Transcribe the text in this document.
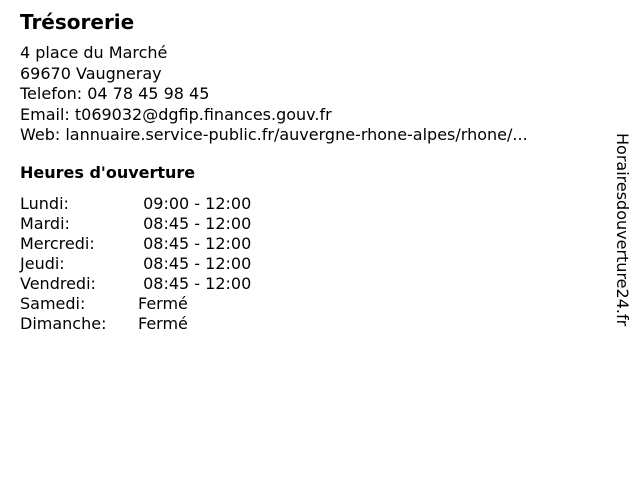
Trésorerie
4 place du Marché
69670 Vaugneray
Telefon: 04 78 45 98 45
Email: t069032@dgfip.finances.gouv.fr
Web: lannuaire.service-public.fr/auvergne-rhone-alpes/rhone/...
Heures d'ouverture
Lundi:	09:00 - 12:00
Mardi:	08:45 - 12:00
Mercredi:	08:45 - 12:00
Jeudi:	08:45 - 12:00
Vendredi:	08:45 - 12:00
Samedi:	Fermé
Dimanche: Fermé	Horairesdouverture24.fr
